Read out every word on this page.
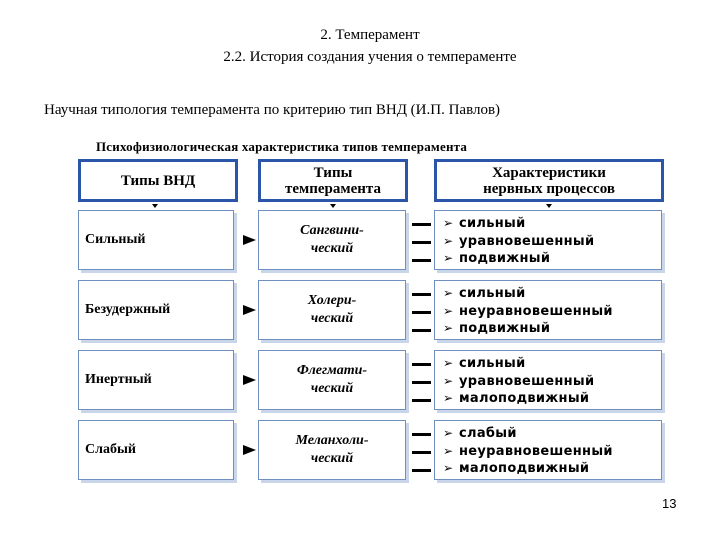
2. Темперамент
2.2. История создания учения о темпераменте
Научная типология темперамента по критерию тип ВНД (И.П. Павлов)
Психофизиологическая характеристика типов темперамента
Типы ВНД	Типы
темперамента
Характеристики
нервных процессов
Сильный
Сангвини-
ческий
➢ сильный
➢ уравновешенный
➢ подвижный
Безудержный
Холери-
ческий
➢ сильный
➢ неуравновешенный
➢ подвижный
Инертный
Флегмати-
ческий
➢ сильный
➢ уравновешенный
➢ малоподвижный
Слабый
Меланхоли-
ческий
➢ слабый
➢ неуравновешенный
➢ малоподвижный
13
